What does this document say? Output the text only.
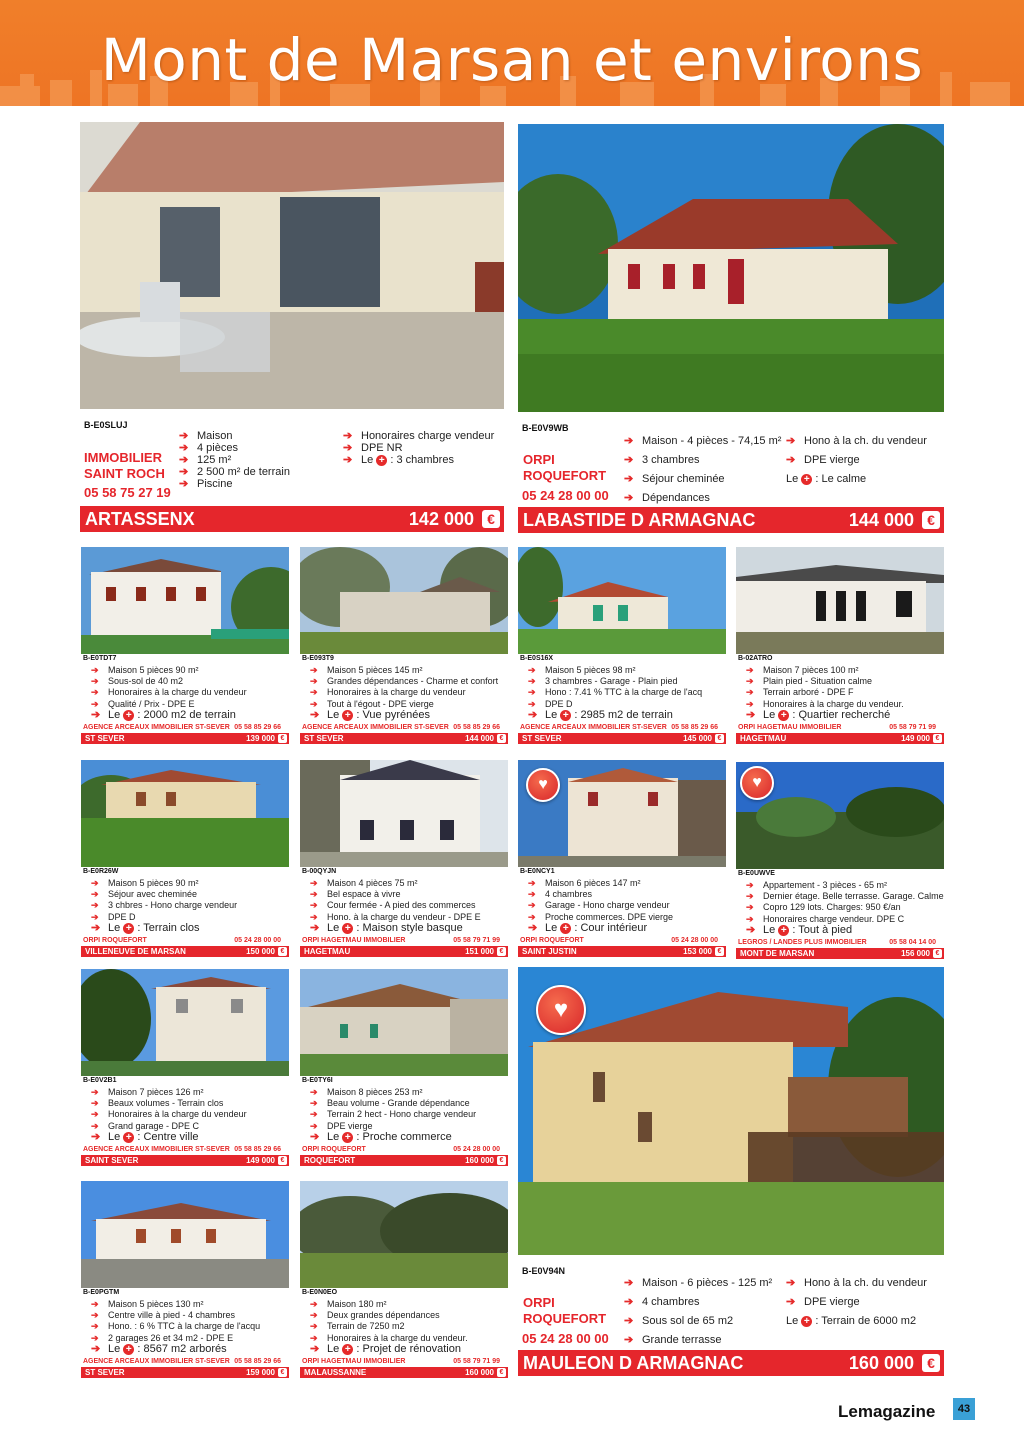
Mont de Marsan et environs
B-E0SLUJ
IMMOBILIER
SAINT ROCH
05 58 75 27 19
➔ Maison
➔ 4 pièces
➔ 125 m²
➔ 2 500 m² de terrain
➔ Piscine
➔ Honoraires charge vendeur
➔ DPE NR
➔ Le + : 3 chambres
ARTASSENX	142 000 €
B-E0V9WB
ORPI
ROQUEFORT
05 24 28 00 00
➔ Maison - 4 pièces - 74,15 m²
➔ 3 chambres
➔ Séjour cheminée
➔ Dépendances
➔ Hono à la ch. du vendeur
➔ DPE vierge
Le + : Le calme
LABASTIDE D ARMAGNAC	144 000 €
♥
B-E0V94N
ORPI
ROQUEFORT
05 24 28 00 00
➔ Maison - 6 pièces - 125 m²
➔ 4 chambres
➔ Sous sol de 65 m2
➔ Grande terrasse
➔ Hono à la ch. du vendeur
➔ DPE vierge
Le + : Terrain de 6000 m2
MAULEON D ARMAGNAC	160 000 €
B-E0TDT7
➔ Maison 5 pièces 90 m²
➔ Sous-sol de 40 m2
➔ Honoraires à la charge du vendeur
➔ Qualité / Prix - DPE E
➔ Le + : 2000 m2 de terrain
AGENCE ARCEAUX IMMOBILIER ST-SEVER 05 58 85 29 66
ST SEVER	139 000 €
B-E093T9
➔ Maison 5 pièces 145 m²
➔ Grandes dépendances - Charme et confort
➔ Honoraires à la charge du vendeur
➔ Tout à l'égout - DPE vierge
➔ Le + : Vue pyrénées
AGENCE ARCEAUX IMMOBILIER ST-SEVER 05 58 85 29 66
ST SEVER	144 000 €
B-E0S16X
➔ Maison 5 pièces 98 m²
➔ 3 chambres - Garage - Plain pied
➔ Hono : 7.41 % TTC à la charge de l'acq
➔ DPE D
➔ Le + : 2985 m2 de terrain
AGENCE ARCEAUX IMMOBILIER ST-SEVER 05 58 85 29 66
ST SEVER	145 000 €
B-02ATRO
➔ Maison 7 pièces 100 m²
➔ Plain pied - Situation calme
➔ Terrain arboré - DPE F
➔ Honoraires à la charge du vendeur.
➔ Le + : Quartier recherché
ORPI HAGETMAU IMMOBILIER	05 58 79 71 99
HAGETMAU	149 000 €
B-E0R26W
➔ Maison 5 pièces 90 m²
➔ Séjour avec cheminée
➔ 3 chbres - Hono charge vendeur
➔ DPE D
➔ Le + : Terrain clos
ORPI ROQUEFORT	05 24 28 00 00
VILLENEUVE DE MARSAN	150 000 €
B-00QYJN
➔ Maison 4 pièces 75 m²
➔ Bel espace à vivre
➔ Cour fermée - A pied des commerces
➔ Hono. à la charge du vendeur - DPE E
➔ Le + : Maison style basque
ORPI HAGETMAU IMMOBILIER	05 58 79 71 99
HAGETMAU	151 000 €
♥
B-E0NCY1
➔ Maison 6 pièces 147 m²
➔ 4 chambres
➔ Garage - Hono charge vendeur
➔ Proche commerces. DPE vierge
➔ Le + : Cour intérieur
ORPI ROQUEFORT	05 24 28 00 00
SAINT JUSTIN	153 000 €
♥
B-E0UWVE
➔ Appartement - 3 pièces - 65 m²
➔ Dernier étage. Belle terrasse. Garage. Calme
➔ Copro 129 lots. Charges: 950 €/an
➔ Honoraires charge vendeur. DPE C
➔ Le + : Tout à pied
LEGROS / LANDES PLUS IMMOBILIER	05 58 04 14 00
MONT DE MARSAN	156 000 €
B-E0V2B1
➔ Maison 7 pièces 126 m²
➔ Beaux volumes - Terrain clos
➔ Honoraires à la charge du vendeur
➔ Grand garage - DPE C
➔ Le + : Centre ville
AGENCE ARCEAUX IMMOBILIER ST-SEVER 05 58 85 29 66
SAINT SEVER	149 000 €
B-E0TY6I
➔ Maison 8 pièces 253 m²
➔ Beau volume - Grande dépendance
➔ Terrain 2 hect - Hono charge vendeur
➔ DPE vierge
➔ Le + : Proche commerce
ORPI ROQUEFORT	05 24 28 00 00
ROQUEFORT	160 000 €
B-E0PGTM
➔ Maison 5 pièces 130 m²
➔ Centre ville à pied - 4 chambres
➔ Hono. : 6 % TTC à la charge de l'acqu
➔ 2 garages 26 et 34 m2 - DPE E
➔ Le + : 8567 m2 arborés
AGENCE ARCEAUX IMMOBILIER ST-SEVER 05 58 85 29 66
ST SEVER	159 000 €
B-E0N0EO
➔ Maison 180 m²
➔ Deux grandes dépendances
➔ Terrain de 7250 m2
➔ Honoraires à la charge du vendeur.
➔ Le + : Projet de rénovation
ORPI HAGETMAU IMMOBILIER	05 58 79 71 99
MALAUSSANNE	160 000 €
Lemagazine	43
